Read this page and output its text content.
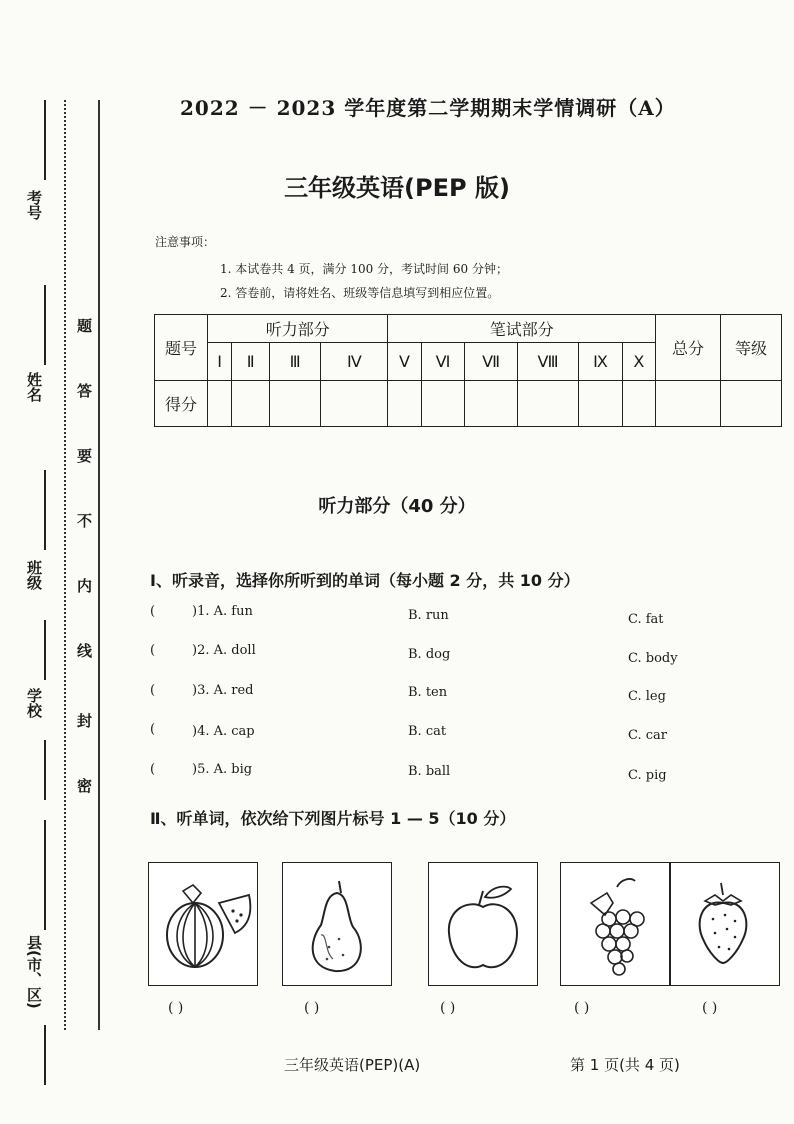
考号
姓名
班级
学校
县(市、区)
题
答
要
不
内
线
封
密
2022 － 2023 学年度第二学期期末学情调研（A）
三年级英语(PEP 版)
注意事项：
1. 本试卷共 4 页，满分 100 分，考试时间 60 分钟；
2. 答卷前，请将姓名、班级等信息填写到相应位置。
题号	听力部分				笔试部分						总分	等级
	Ⅰ	Ⅱ	Ⅲ	Ⅳ	Ⅴ	Ⅵ	Ⅶ	Ⅷ	Ⅸ	Ⅹ		
得分												
听力部分（40 分）
Ⅰ、听录音，选择你所听到的单词（每小题 2 分，共 10 分）
(	)1. A. fun	B. run	C. fat
(	)2. A. doll	B. dog	C. body
(	)3. A. red	B. ten	C. leg
(	)4. A. cap	B. cat	C. car
(	)5. A. big	B. ball	C. pig
Ⅱ、听单词，依次给下列图片标号 1 — 5（10 分）
( )	( )	( )	( )	( )
三年级英语(PEP)(A)	第 1 页(共 4 页)
